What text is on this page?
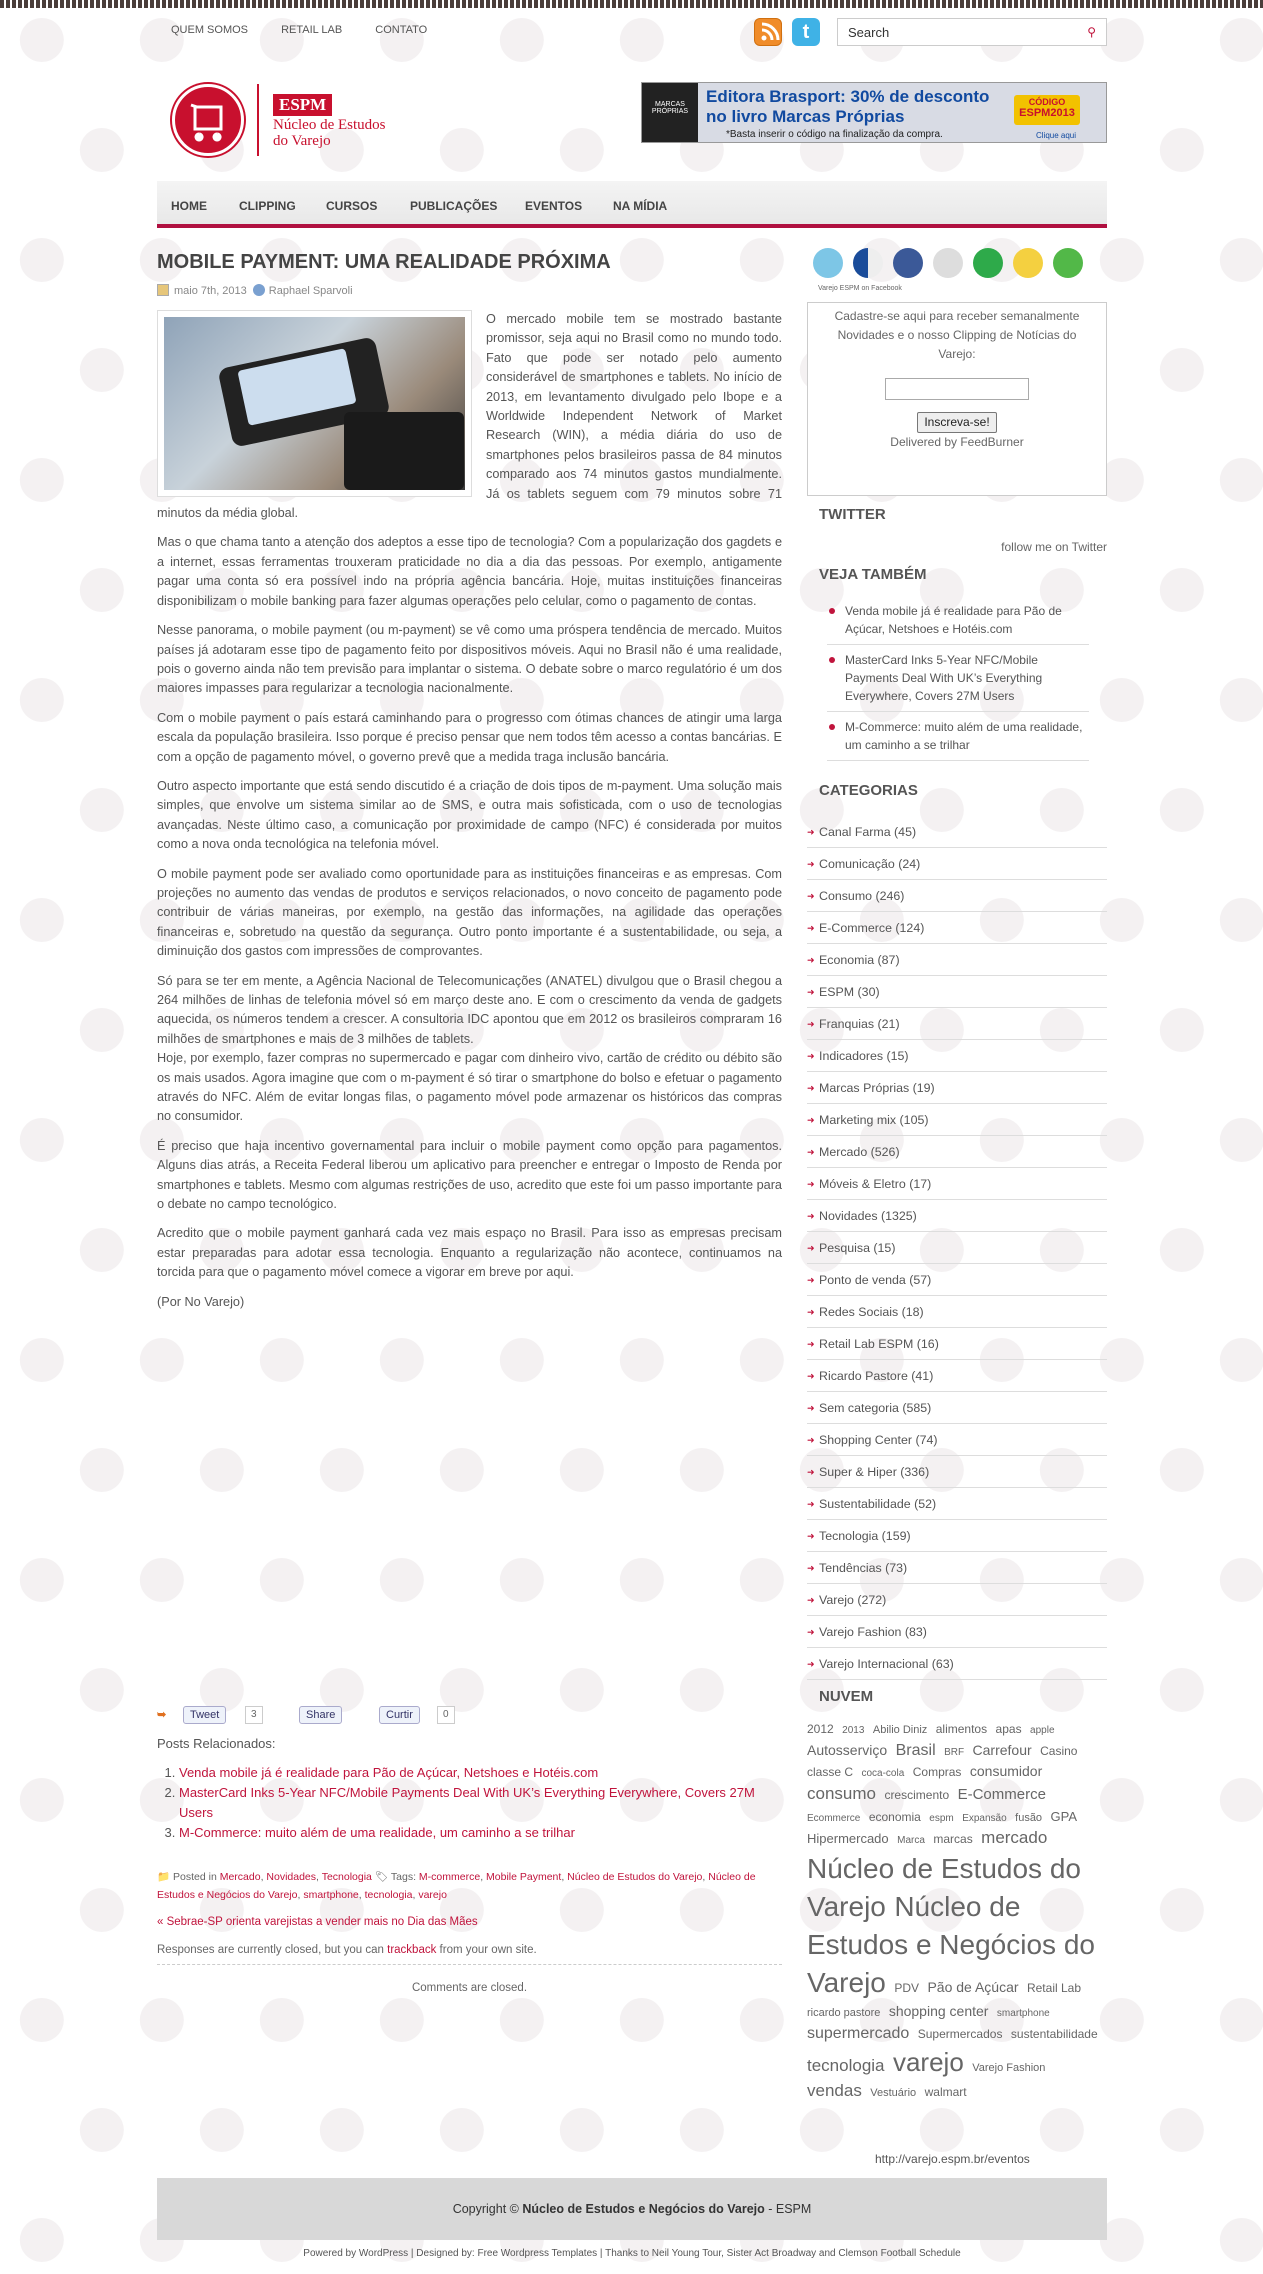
QUEM SOMOS	RETAIL LAB	CONTATO	t	Search	⚲
ESPM
Núcleo de Estudos
do Varejo
MARCAS PRÓPRIAS
Editora Brasport: 30% de desconto
no livro Marcas Próprias
*Basta inserir o código na finalização da compra.
CÓDIGO
ESPM2013
Clique aqui
HOME	CLIPPING	CURSOS	PUBLICAÇÕES EVENTOS	NA MÍDIA
MOBILE PAYMENT: UMA REALIDADE PRÓXIMA
maio 7th, 2013 Raphael Sparvoli

O mercado mobile tem se mostrado bastante promissor, seja aqui no Brasil como no mundo todo. Fato que pode ser notado pelo aumento considerável de smartphones e tablets. No início de 2013, em levantamento divulgado pelo Ibope e a Worldwide Independent Network of Market Research (WIN), a média diária do uso de smartphones pelos brasileiros passa de 84 minutos comparado aos 74 minutos gastos mundialmente. Já os tablets seguem com 79 minutos sobre 71 minutos da média global.

Mas o que chama tanto a atenção dos adeptos a esse tipo de tecnologia? Com a popularização dos gagdets e a internet, essas ferramentas trouxeram praticidade no dia a dia das pessoas. Por exemplo, antigamente pagar uma conta só era possível indo na própria agência bancária. Hoje, muitas instituições financeiras disponibilizam o mobile banking para fazer algumas operações pelo celular, como o pagamento de contas.

Nesse panorama, o mobile payment (ou m-payment) se vê como uma próspera tendência de mercado. Muitos países já adotaram esse tipo de pagamento feito por dispositivos móveis. Aqui no Brasil não é uma realidade, pois o governo ainda não tem previsão para implantar o sistema. O debate sobre o marco regulatório é um dos maiores impasses para regularizar a tecnologia nacionalmente.

Com o mobile payment o país estará caminhando para o progresso com ótimas chances de atingir uma larga escala da população brasileira. Isso porque é preciso pensar que nem todos têm acesso a contas bancárias. E com a opção de pagamento móvel, o governo prevê que a medida traga inclusão bancária.

Outro aspecto importante que está sendo discutido é a criação de dois tipos de m-payment. Uma solução mais simples, que envolve um sistema similar ao de SMS, e outra mais sofisticada, com o uso de tecnologias avançadas. Neste último caso, a comunicação por proximidade de campo (NFC) é considerada por muitos como a nova onda tecnológica na telefonia móvel.

O mobile payment pode ser avaliado como oportunidade para as instituições financeiras e as empresas. Com projeções no aumento das vendas de produtos e serviços relacionados, o novo conceito de pagamento pode contribuir de várias maneiras, por exemplo, na gestão das informações, na agilidade das operações financeiras e, sobretudo na questão da segurança. Outro ponto importante é a sustentabilidade, ou seja, a diminuição dos gastos com impressões de comprovantes.

Só para se ter em mente, a Agência Nacional de Telecomunicações (ANATEL) divulgou que o Brasil chegou a 264 milhões de linhas de telefonia móvel só em março deste ano. E com o crescimento da venda de gadgets aquecida, os números tendem a crescer. A consultoria IDC apontou que em 2012 os brasileiros compraram 16 milhões de smartphones e mais de 3 milhões de tablets.

Hoje, por exemplo, fazer compras no supermercado e pagar com dinheiro vivo, cartão de crédito ou débito são os mais usados. Agora imagine que com o m-payment é só tirar o smartphone do bolso e efetuar o pagamento através do NFC. Além de evitar longas filas, o pagamento móvel pode armazenar os históricos das compras no consumidor.

É preciso que haja incentivo governamental para incluir o mobile payment como opção para pagamentos. Alguns dias atrás, a Receita Federal liberou um aplicativo para preencher e entregar o Imposto de Renda por smartphones e tablets. Mesmo com algumas restrições de uso, acredito que este foi um passo importante para o debate no campo tecnológico.

Acredito que o mobile payment ganhará cada vez mais espaço no Brasil. Para isso as empresas precisam estar preparadas para adotar essa tecnologia. Enquanto a regularização não acontece, continuamos na torcida para que o pagamento móvel comece a vigorar em breve por aqui.

(Por No Varejo)

➥	Tweet	3	Share	Curtir	0
Posts Relacionados:
1. Venda mobile já é realidade para Pão de Açúcar, Netshoes e Hotéis.com
2. MasterCard Inks 5-Year NFC/Mobile Payments Deal With UK’s Everything Everywhere, Covers 27M Users
3. M-Commerce: muito além de uma realidade, um caminho a se trilhar
📁 Posted in Mercado, Novidades, Tecnologia 🏷 Tags: M-commerce, Mobile Payment, Núcleo de Estudos do Varejo, Núcleo de Estudos e Negócios do Varejo, smartphone, tecnologia, varejo
« Sebrae-SP orienta varejistas a vender mais no Dia das Mães
Responses are currently closed, but you can trackback from your own site.
Comments are closed.
Varejo ESPM on Facebook
Cadastre-se aqui para receber semanalmente Novidades e o nosso Clipping de Notícias do Varejo:
Inscreva-se!
Delivered by FeedBurner
TWITTER
follow me on Twitter
VEJA TAMBÉM
Venda mobile já é realidade para Pão de Açúcar, Netshoes e Hotéis.com
MasterCard Inks 5-Year NFC/Mobile Payments Deal With UK’s Everything Everywhere, Covers 27M Users
M-Commerce: muito além de uma realidade, um caminho a se trilhar
CATEGORIAS
➜ Canal Farma (45)
➜ Comunicação (24)
➜ Consumo (246)
➜ E-Commerce (124)
➜ Economia (87)
➜ ESPM (30)
➜ Franquias (21)
➜ Indicadores (15)
➜ Marcas Próprias (19)
➜ Marketing mix (105)
➜ Mercado (526)
➜ Móveis & Eletro (17)
➜ Novidades (1325)
➜ Pesquisa (15)
➜ Ponto de venda (57)
➜ Redes Sociais (18)
➜ Retail Lab ESPM (16)
➜ Ricardo Pastore (41)
➜ Sem categoria (585)
➜ Shopping Center (74)
➜ Super & Hiper (336)
➜ Sustentabilidade (52)
➜ Tecnologia (159)
➜ Tendências (73)
➜ Varejo (272)
➜ Varejo Fashion (83)
➜ Varejo Internacional (63)
NUVEM
2012 2013 Abilio Diniz alimentos apas apple Autosserviço Brasil BRF Carrefour Casino classe C coca-cola Compras consumidor consumo crescimento E-Commerce Ecommerce economia espm Expansão fusão GPA Hipermercado Marca marcas mercado Núcleo de Estudos do Varejo Núcleo de Estudos e Negócios do Varejo PDV Pão de Açúcar Retail Lab ricardo pastore shopping center smartphone supermercado Supermercados sustentabilidade tecnologia varejo Varejo Fashion vendas Vestuário walmart
http://varejo.espm.br/eventos
Copyright © Núcleo de Estudos e Negócios do Varejo - ESPM
Powered by WordPress | Designed by: Free Wordpress Templates | Thanks to Neil Young Tour, Sister Act Broadway and Clemson Football Schedule
